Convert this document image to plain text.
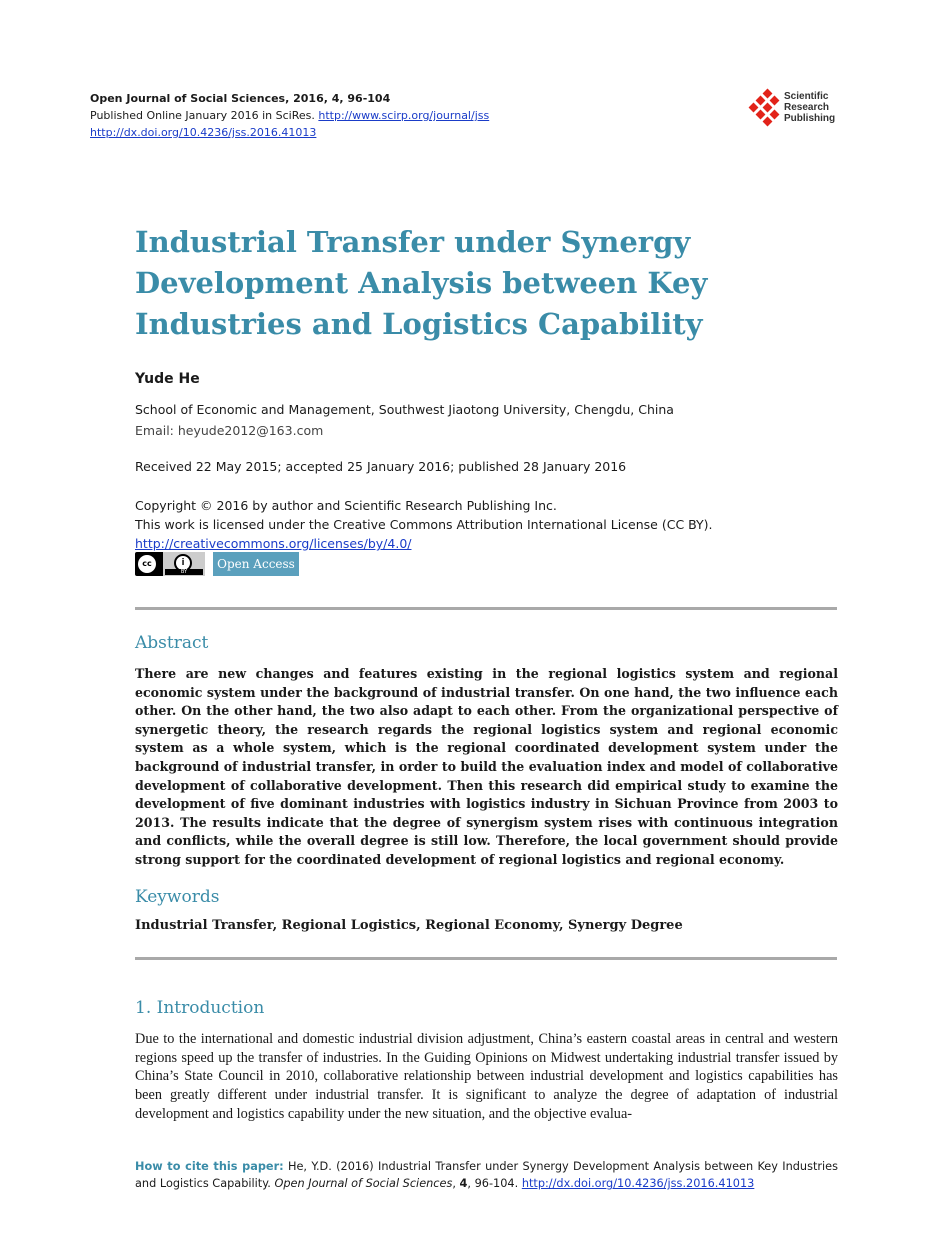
Open Journal of Social Sciences, 2016, 4, 96-104
Published Online January 2016 in SciRes. http://www.scirp.org/journal/jss
http://dx.doi.org/10.4236/jss.2016.41013
Scientific
Research
Publishing
Industrial Transfer under Synergy
Development Analysis between Key
Industries and Logistics Capability
Yude He
School of Economic and Management, Southwest Jiaotong University, Chengdu, China
Email: heyude2012@163.com
Received 22 May 2015; accepted 25 January 2016; published 28 January 2016
Copyright © 2016 by author and Scientific Research Publishing Inc.
This work is licensed under the Creative Commons Attribution International License (CC BY).
http://creativecommons.org/licenses/by/4.0/
cc	i
BY
Open Access
Abstract
There are new changes and features existing in the regional logistics system and regional economic system under the background of industrial transfer. On one hand, the two influence each other. On the other hand, the two also adapt to each other. From the organizational perspective of synergetic theory, the research regards the regional logistics system and regional economic system as a whole system, which is the regional coordinated development system under the background of industrial transfer, in order to build the evaluation index and model of collaborative development of collaborative development. Then this research did empirical study to examine the development of five dominant industries with logistics industry in Sichuan Province from 2003 to 2013. The results indicate that the degree of synergism system rises with continuous integration and conflicts, while the overall degree is still low. Therefore, the local government should provide strong support for the coordinated development of regional logistics and regional economy.
Keywords
Industrial Transfer, Regional Logistics, Regional Economy, Synergy Degree
1. Introduction
Due to the international and domestic industrial division adjustment, China’s eastern coastal areas in central and western regions speed up the transfer of industries. In the Guiding Opinions on Midwest undertaking industrial transfer issued by China’s State Council in 2010, collaborative relationship between industrial development and logistics capabilities has been greatly different under industrial transfer. It is significant to analyze the degree of adaptation of industrial development and logistics capability under the new situation, and the objective evalua-
How to cite this paper: He, Y.D. (2016) Industrial Transfer under Synergy Development Analysis between Key Industries and Logistics Capability. Open Journal of Social Sciences, 4, 96-104. http://dx.doi.org/10.4236/jss.2016.41013
